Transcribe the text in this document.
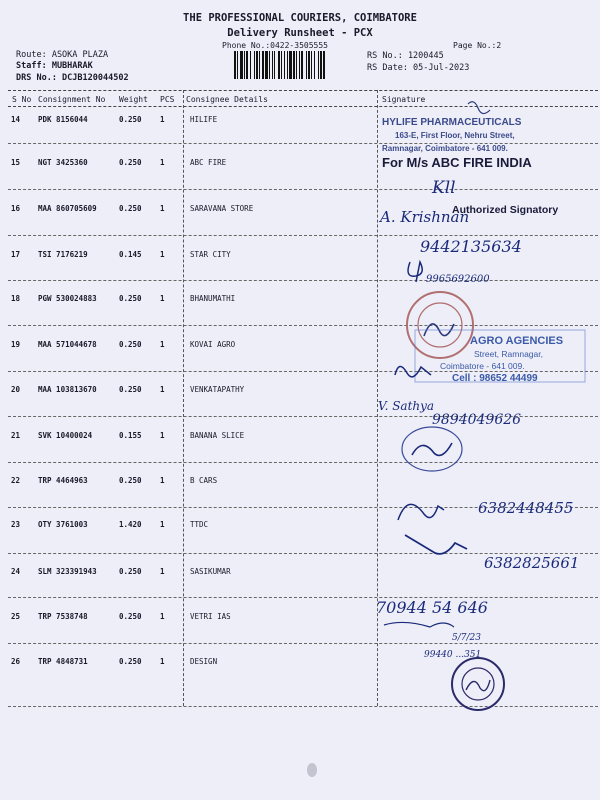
THE PROFESSIONAL COURIERS, COIMBATORE
Delivery Runsheet - PCX
Phone No.:0422-3505555	Page No.:2
Route: ASOKA PLAZA
Staff: MUBHARAK
DRS No.: DCJB120044502
RS No.: 1200445
RS Date: 05-Jul-2023
S No Consignment No Weight PCS Consignee Details	Signature
14 PDK 8156044	0.250 1	HILIFE
15 NGT 3425360	0.250 1	ABC FIRE
16 MAA 860705609	0.250 1	SARAVANA STORE
17 TSI 7176219	0.145 1	STAR CITY
18 PGW 530024883	0.250 1	BHANUMATHI
19 MAA 571044678	0.250 1	KOVAI AGRO
20 MAA 103813670	0.250 1	VENKATAPATHY
21 SVK 10400024	0.155 1	BANANA SLICE
22 TRP 4464963	0.250 1	B CARS
23 OTY 3761003	1.420 1	TTDC
24 SLM 323391943	0.250 1	SASIKUMAR
25 TRP 7538748	0.250 1	VETRI IAS
26 TRP 4848731	0.250 1	DESIGN
HYLIFE PHARMACEUTICALS
163-E, First Floor, Nehru Street,
Ramnagar, Coimbatore - 641 009.
For M/s ABC FIRE INDIA
Kll
Authorized Signatory
A. Krishnan
9442135634
9965692600
AGRO AGENCIES
Street, Ramnagar,
Coimbatore - 641 009.
Cell : 98652 44499
V. Sathya
9894049626
6382448455
6382825661
70944 54 646
5/7/23
99440 ...351
